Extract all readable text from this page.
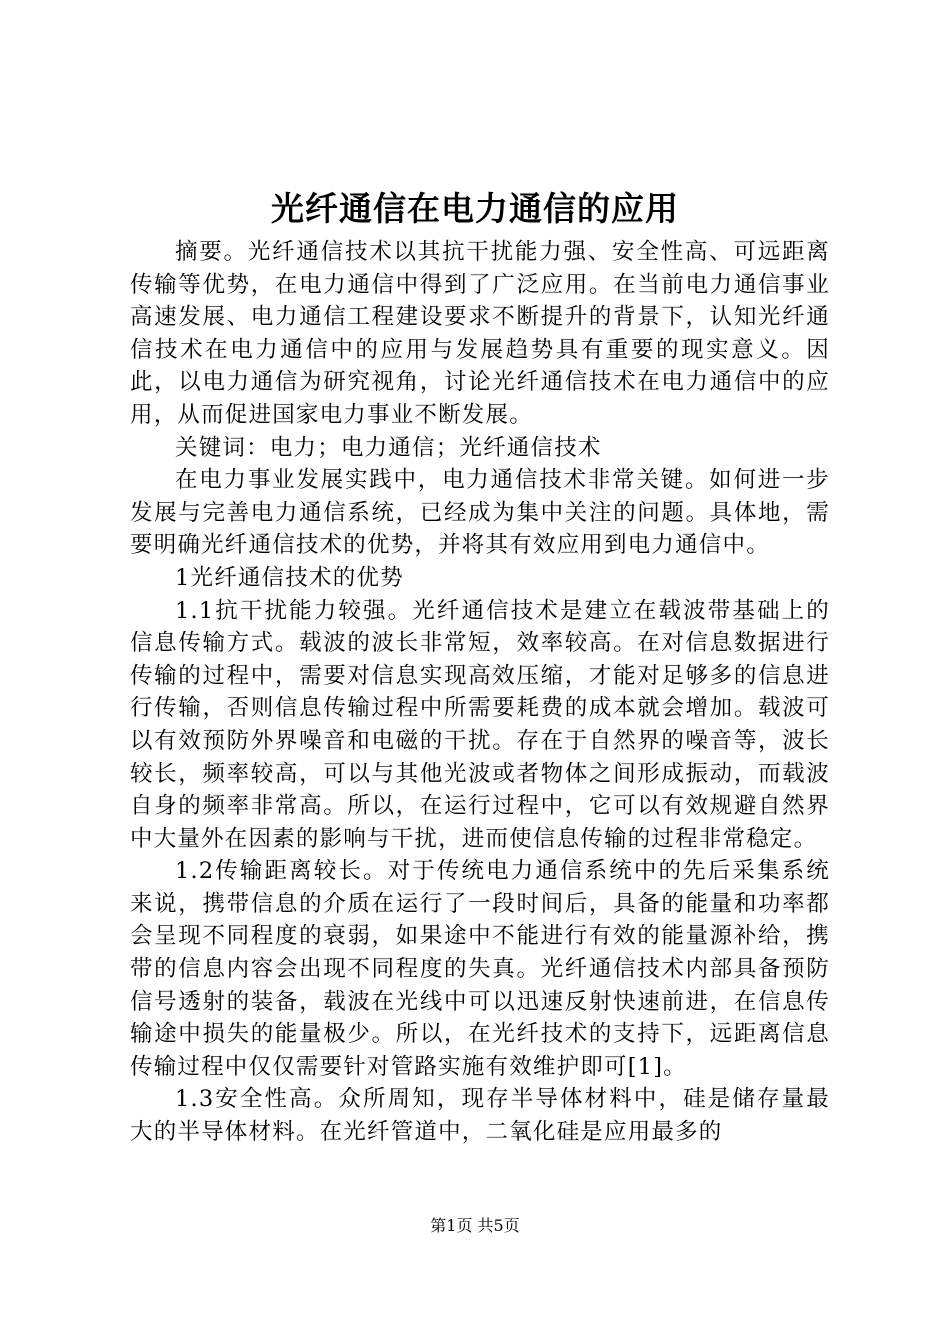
光纤通信在电力通信的应用

摘要。光纤通信技术以其抗干扰能力强、安全性高、可远距离传输等优势，在电力通信中得到了广泛应用。在当前电力通信事业高速发展、电力通信工程建设要求不断提升的背景下，认知光纤通信技术在电力通信中的应用与发展趋势具有重要的现实意义。因此，以电力通信为研究视角，讨论光纤通信技术在电力通信中的应用，从而促进国家电力事业不断发展。

关键词：电力；电力通信；光纤通信技术

在电力事业发展实践中，电力通信技术非常关键。如何进一步发展与完善电力通信系统，已经成为集中关注的问题。具体地，需要明确光纤通信技术的优势，并将其有效应用到电力通信中。

1光纤通信技术的优势

1.1抗干扰能力较强。光纤通信技术是建立在载波带基础上的信息传输方式。载波的波长非常短，效率较高。在对信息数据进行传输的过程中，需要对信息实现高效压缩，才能对足够多的信息进行传输，否则信息传输过程中所需要耗费的成本就会增加。载波可以有效预防外界噪音和电磁的干扰。存在于自然界的噪音等，波长较长，频率较高，可以与其他光波或者物体之间形成振动，而载波自身的频率非常高。所以，在运行过程中，它可以有效规避自然界中大量外在因素的影响与干扰，进而使信息传输的过程非常稳定。

1.2传输距离较长。对于传统电力通信系统中的先后采集系统来说，携带信息的介质在运行了一段时间后，具备的能量和功率都会呈现不同程度的衰弱，如果途中不能进行有效的能量源补给，携带的信息内容会出现不同程度的失真。光纤通信技术内部具备预防信号透射的装备，载波在光线中可以迅速反射快速前进，在信息传输途中损失的能量极少。所以，在光纤技术的支持下，远距离信息传输过程中仅仅需要针对管路实施有效维护即可[1]。

1.3安全性高。众所周知，现存半导体材料中，硅是储存量最大的半导体材料。在光纤管道中，二氧化硅是应用最多的

第1页 共5页
